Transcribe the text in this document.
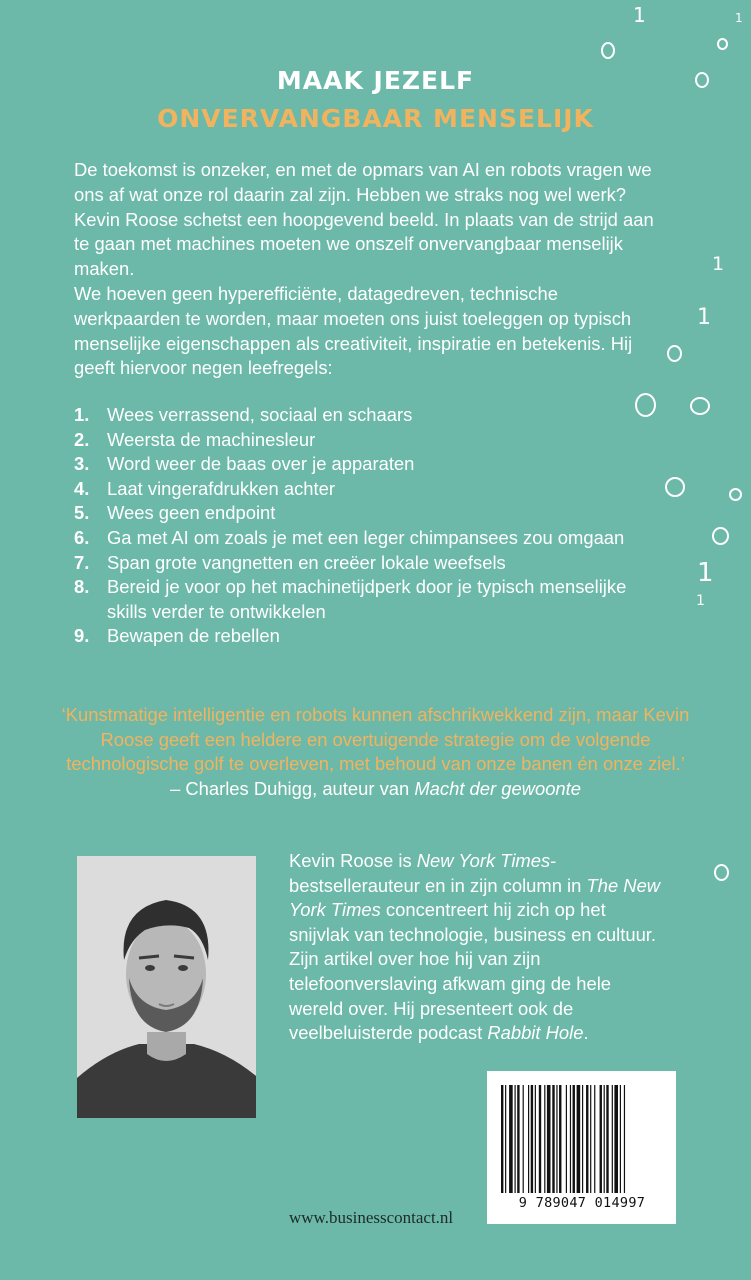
1	1
1
1
1
1
MAAK JEZELF
ONVERVANGBAAR MENSELIJK

De toekomst is onzeker, en met de opmars van AI en robots vragen we ons af wat onze rol daarin zal zijn. Hebben we straks nog wel werk? Kevin Roose schetst een hoopgevend beeld. In plaats van de strijd aan te gaan met machines moeten we onszelf onvervangbaar menselijk maken.

We hoeven geen hyperefficiënte, datagedreven, technische werkpaarden te worden, maar moeten ons juist toeleggen op typisch menselijke eigenschappen als creativiteit, inspiratie en betekenis. Hij geeft hiervoor negen leefregels:

1. Wees verrassend, sociaal en schaars
2. Weersta de machinesleur
3. Word weer de baas over je apparaten
4. Laat vingerafdrukken achter
5. Wees geen endpoint
6. Ga met AI om zoals je met een leger chimpansees zou omgaan
7. Span grote vangnetten en creëer lokale weefsels
8. Bereid je voor op het machinetijdperk door je typisch menselijke skills verder te ontwikkelen
9. Bewapen de rebellen
‘Kunstmatige intelligentie en robots kunnen afschrikwekkend zijn, maar Kevin Roose geeft een heldere en overtuigende strategie om de volgende technologische golf te overleven, met behoud van onze banen én onze ziel.’
– Charles Duhigg, auteur van Macht der gewoonte
Kevin Roose is New York Times-bestsellerauteur en in zijn column in The New York Times concentreert hij zich op het snijvlak van technologie, business en cultuur. Zijn artikel over hoe hij van zijn telefoonverslaving afkwam ging de hele wereld over. Hij presenteert ook de veelbeluisterde podcast Rabbit Hole.
9 789047 014997
www.businesscontact.nl
